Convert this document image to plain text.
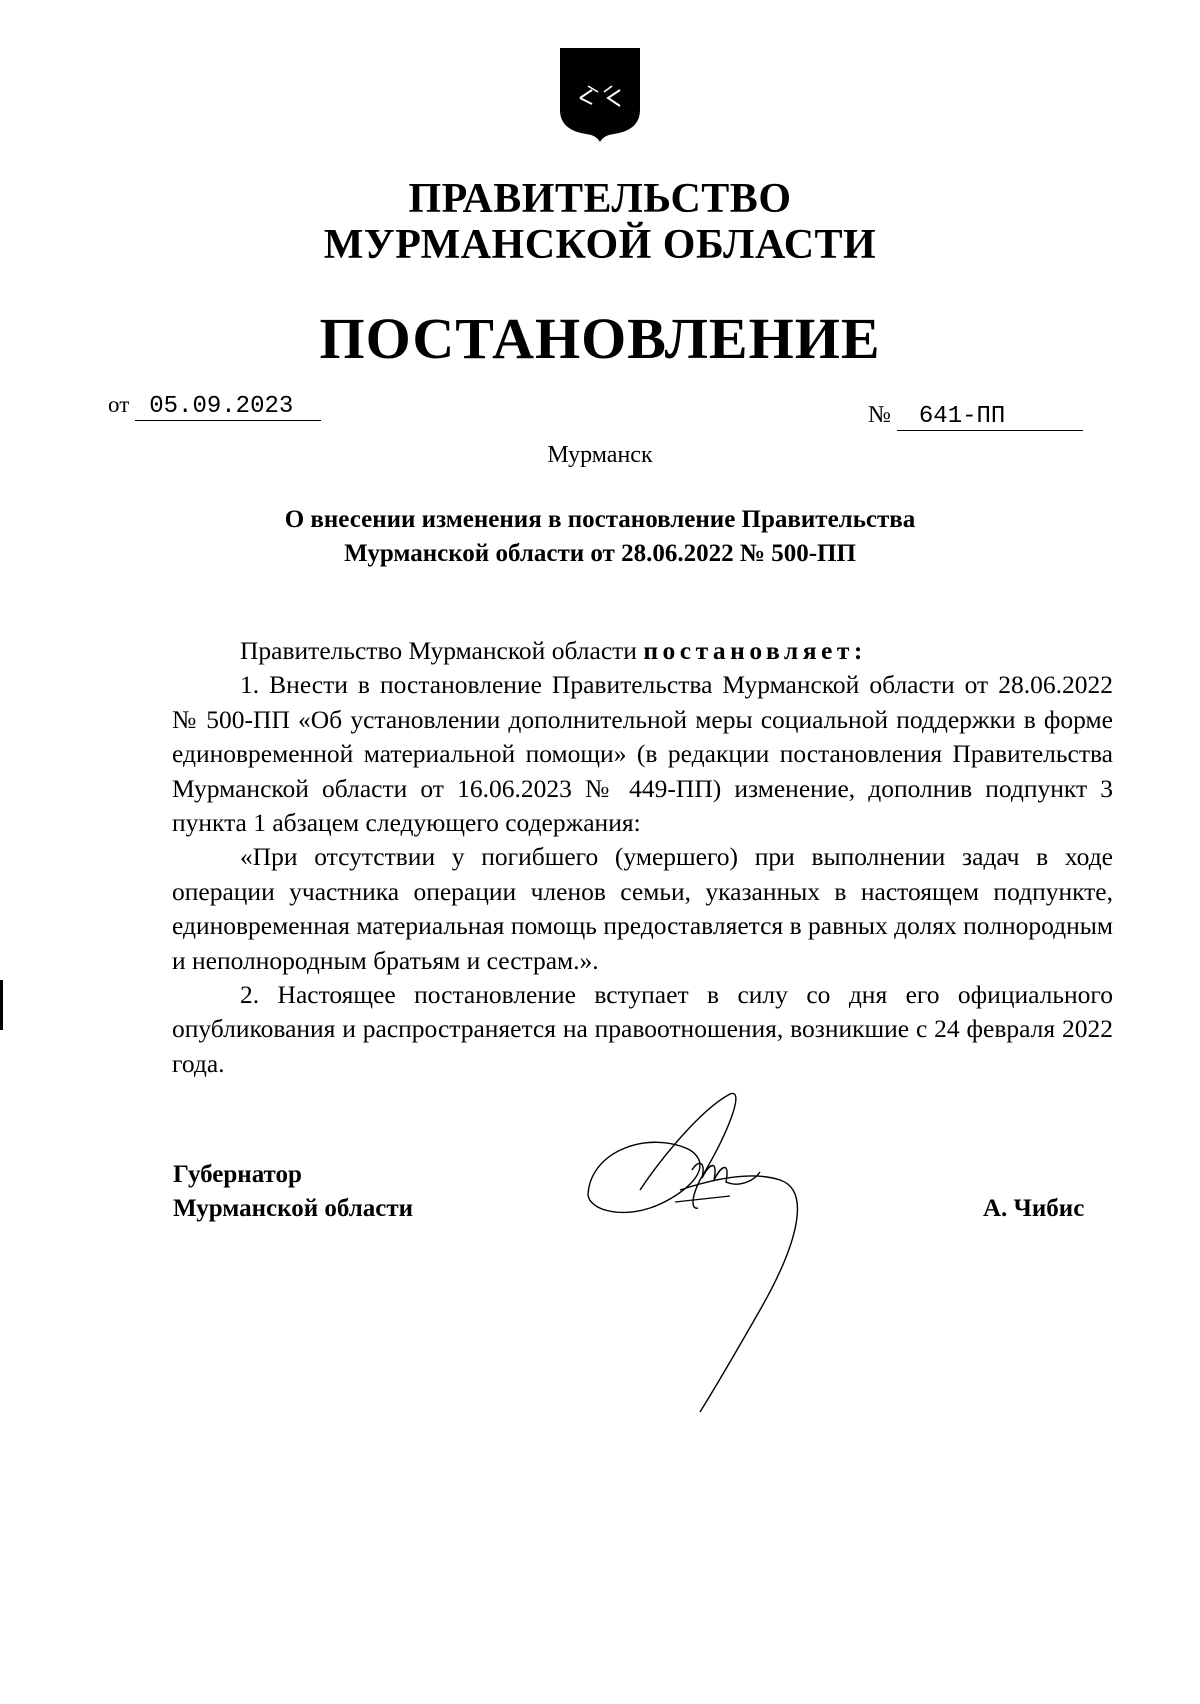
ПРАВИТЕЛЬСТВО
МУРМАНСКОЙ ОБЛАСТИ
ПОСТАНОВЛЕНИЕ
от 05.09.2023	№ 641-ПП
Мурманск
О внесении изменения в постановление Правительства
Мурманской области от 28.06.2022 № 500-ПП

Правительство Мурманской области постановляет:

1. Внести в постановление Правительства Мурманской области от 28.06.2022 № 500-ПП «Об установлении дополнительной меры социальной поддержки в форме единовременной материальной помощи» (в редакции постановления Правительства Мурманской области от 16.06.2023 № 449-ПП) изменение, дополнив подпункт 3 пункта 1 абзацем следующего содержания:

«При отсутствии у погибшего (умершего) при выполнении задач в ходе операции участника операции членов семьи, указанных в настоящем подпункте, единовременная материальная помощь предоставляется в равных долях полнородным и неполнородным братьям и сестрам.».

2. Настоящее постановление вступает в силу со дня его официального опубликования и распространяется на правоотношения, возникшие с 24 февраля 2022 года.

Губернатор
Мурманской области	А. Чибис
